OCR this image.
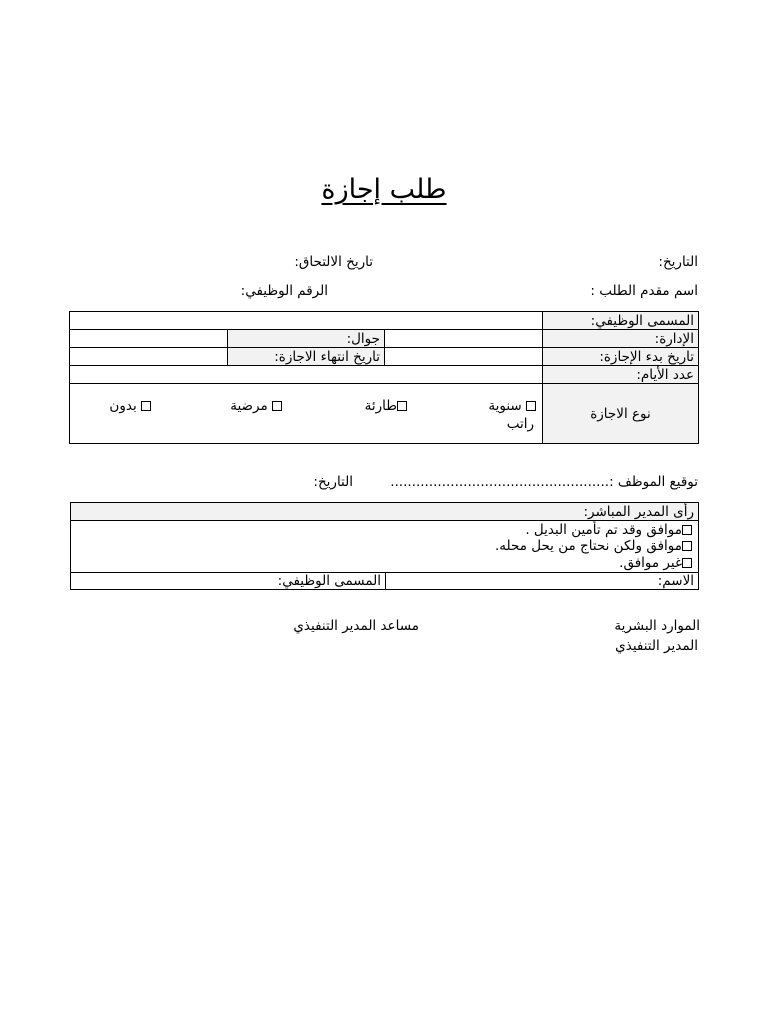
طلب إجازة
التاريخ:
تاريخ الالتحاق:
اسم مقدم الطلب :
الرقم الوظيفي:
المسمى الوظيفي:			
الإدارة:		جوال:	
تاريخ بدء الإجازة:		تاريخ انتهاء الاجازة:	
عدد الأيام:			
نوع الاجازة			
سنوية
راتب
طارئة
مرضية
بدون
توقيع الموظف :...................................................
التاريخ:
رأى المدير المباشر:

موافق وقد تم تأمين البديل .
موافق ولكن نحتاج من يحل محله.
غير موافق.

الاسم:	المسمى الوظيفي:
الموارد البشرية
المدير التنفيذي
مساعد المدير التنفيذي
